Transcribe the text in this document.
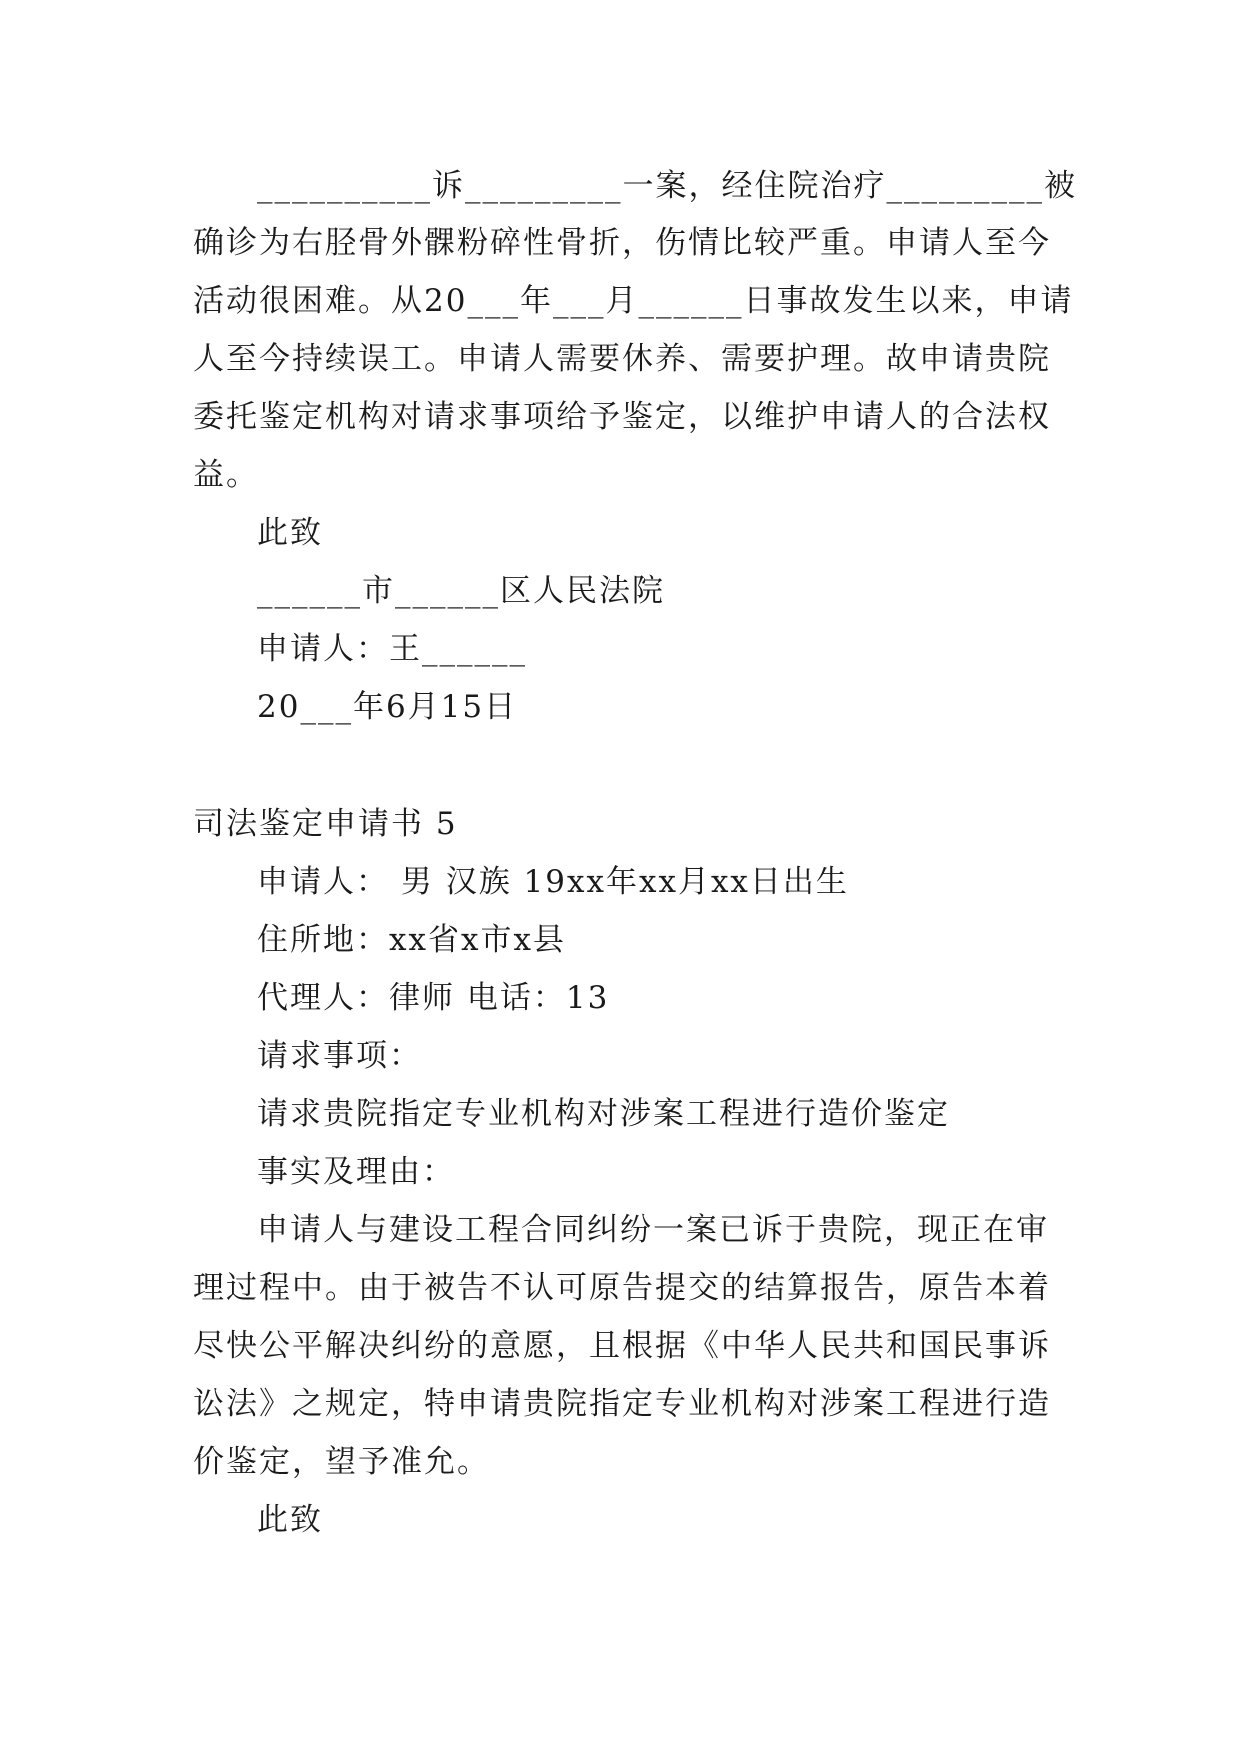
__________诉_________一案，经住院治疗_________被
确诊为右胫骨外髁粉碎性骨折，伤情比较严重。申请人至今
活动很困难。从20___年___月______日事故发生以来，申请
人至今持续误工。申请人需要休养、需要护理。故申请贵院
委托鉴定机构对请求事项给予鉴定，以维护申请人的合法权
益。
此致
______市______区人民法院
申请人：王______
20___年6月15日
司法鉴定申请书 5
申请人： 男 汉族 19xx年xx月xx日出生
住所地：xx省x市x县
代理人：律师 电话：13
请求事项：
请求贵院指定专业机构对涉案工程进行造价鉴定
事实及理由：
申请人与建设工程合同纠纷一案已诉于贵院，现正在审
理过程中。由于被告不认可原告提交的结算报告，原告本着
尽快公平解决纠纷的意愿，且根据《中华人民共和国民事诉
讼法》之规定，特申请贵院指定专业机构对涉案工程进行造
价鉴定，望予准允。
此致
